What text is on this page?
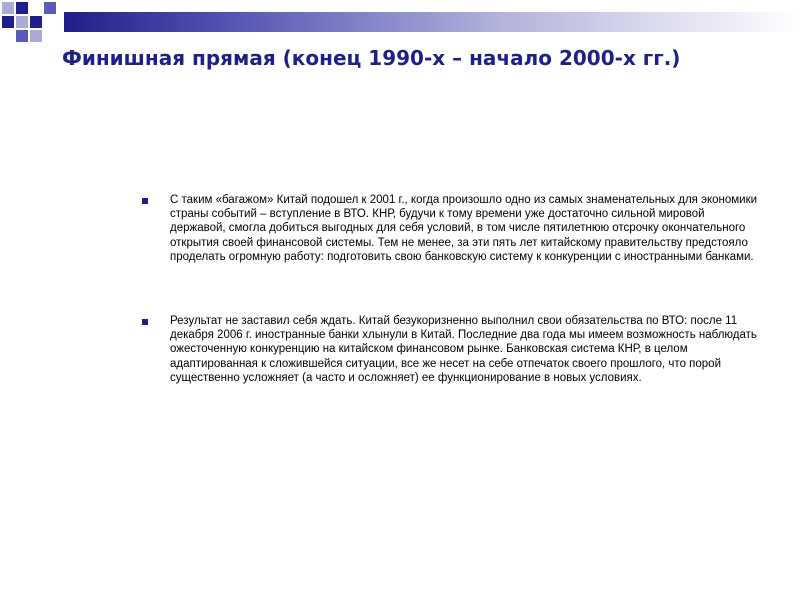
Финишная прямая (конец 1990-х – начало 2000-х гг.)

С таким «багажом» Китай подошел к 2001 г., когда произошло одно из самых знаменательных для экономики страны событий – вступление в ВТО. КНР, будучи к тому времени уже достаточно сильной мировой державой, смогла добиться выгодных для себя условий, в том числе пятилетнюю отсрочку окончательного открытия своей финансовой системы. Тем не менее, за эти пять лет китайскому правительству предстояло проделать огромную работу: подготовить свою банковскую систему к конкуренции с иностранными банками.

Результат не заставил себя ждать. Китай безукоризненно выполнил свои обязательства по ВТО: после 11 декабря 2006 г. иностранные банки хлынули в Китай. Последние два года мы имеем возможность наблюдать ожесточенную конкуренцию на китайском финансовом рынке. Банковская система КНР, в целом адаптированная к сложившейся ситуации, все же несет на себе отпечаток своего прошлого, что порой существенно усложняет (а часто и осложняет) ее функционирование в новых условиях.
